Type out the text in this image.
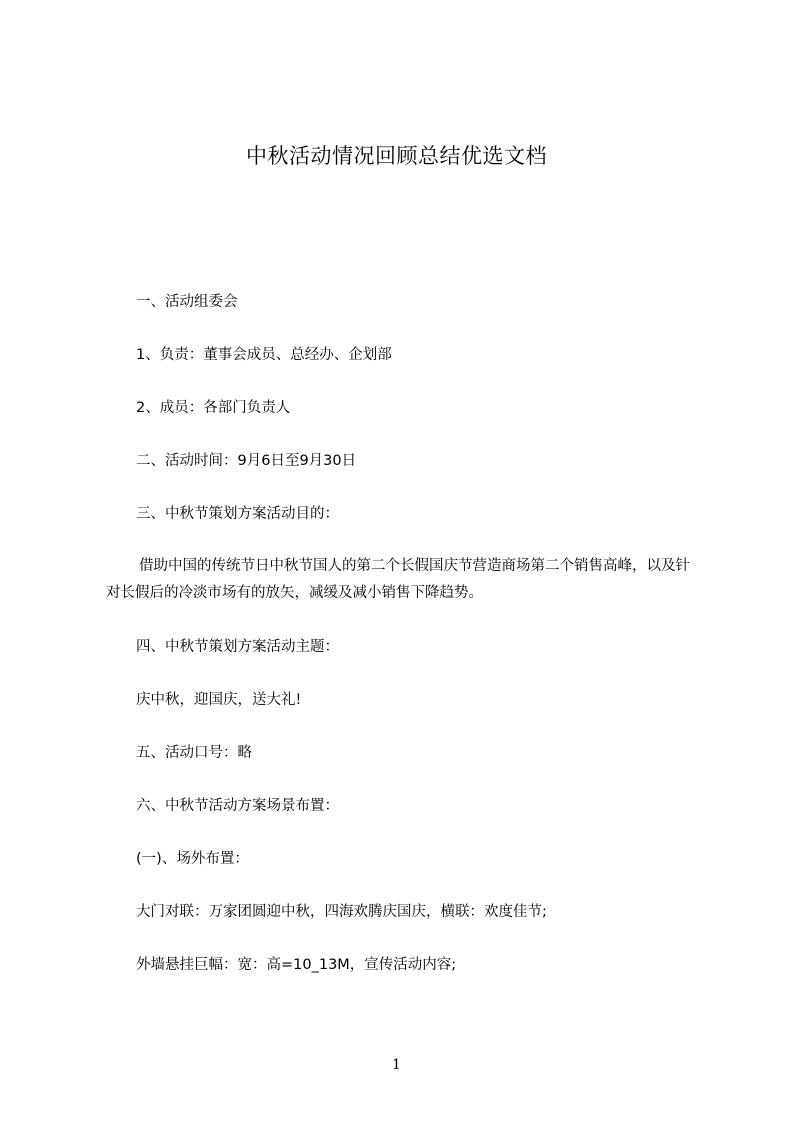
中秋活动情况回顾总结优选文档
一、活动组委会
1、负责：董事会成员、总经办、企划部
2、成员：各部门负责人
二、活动时间：9月6日至9月30日
三、中秋节策划方案活动目的：
借助中国的传统节日中秋节国人的第二个长假国庆节营造商场第二个销售高峰，以及针对长假后的冷淡市场有的放矢，减缓及减小销售下降趋势。
四、中秋节策划方案活动主题：
庆中秋，迎国庆，送大礼!
五、活动口号：略
六、中秋节活动方案场景布置：
(一)、场外布置：
大门对联：万家团圆迎中秋，四海欢腾庆国庆，横联：欢度佳节;
外墙悬挂巨幅：宽：高=10_13M，宣传活动内容;
1
